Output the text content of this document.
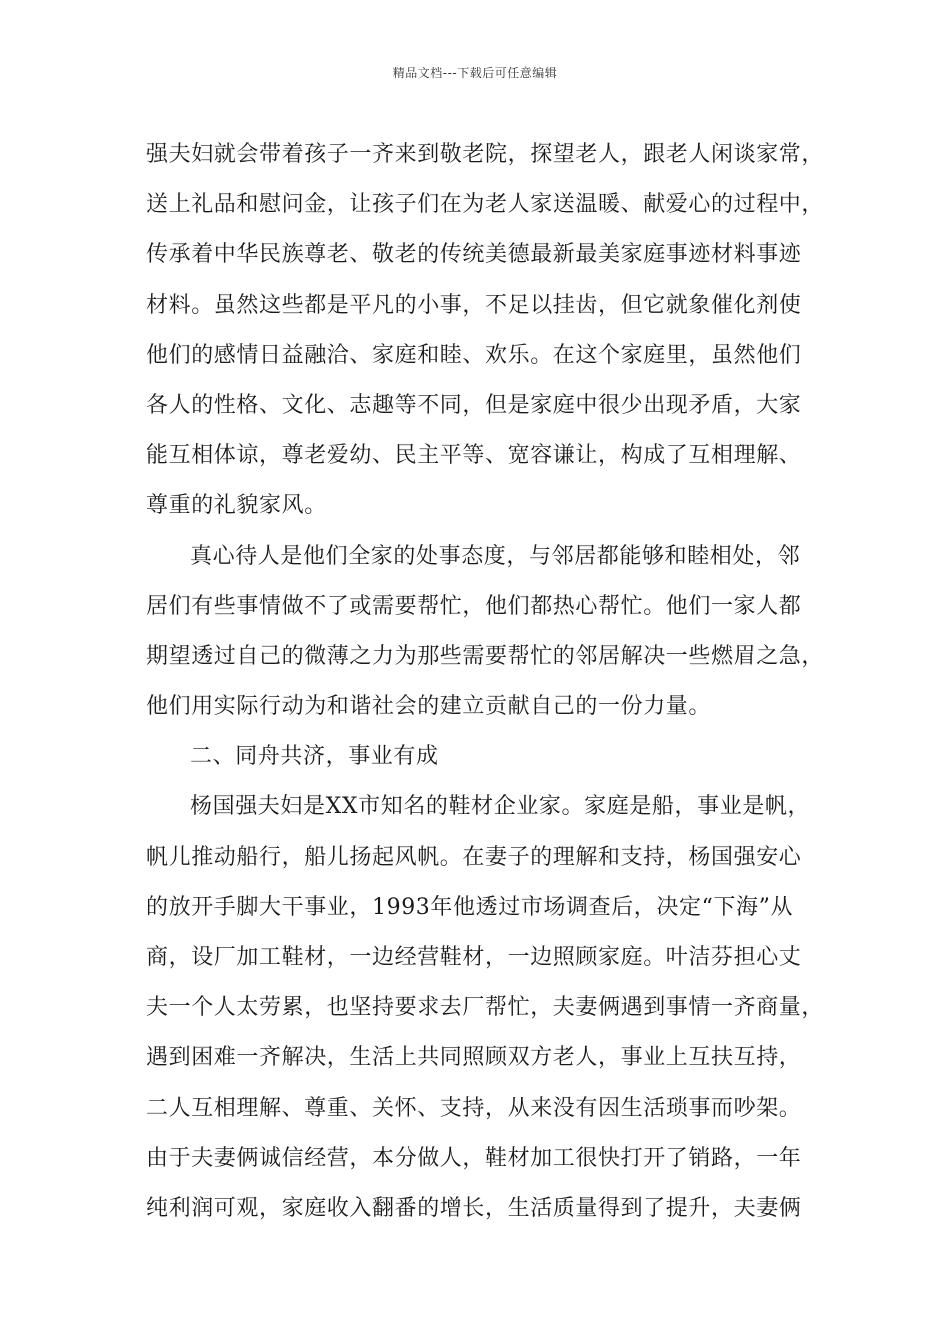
精品文档---下载后可任意编辑
强夫妇就会带着孩子一齐来到敬老院，探望老人，跟老人闲谈家常，
送上礼品和慰问金，让孩子们在为老人家送温暖、献爱心的过程中，
传承着中华民族尊老、敬老的传统美德最新最美家庭事迹材料事迹
材料。虽然这些都是平凡的小事，不足以挂齿，但它就象催化剂使
他们的感情日益融洽、家庭和睦、欢乐。在这个家庭里，虽然他们
各人的性格、文化、志趣等不同，但是家庭中很少出现矛盾，大家
能互相体谅，尊老爱幼、民主平等、宽容谦让，构成了互相理解、
尊重的礼貌家风。
真心待人是他们全家的处事态度，与邻居都能够和睦相处，邻
居们有些事情做不了或需要帮忙，他们都热心帮忙。他们一家人都
期望透过自己的微薄之力为那些需要帮忙的邻居解决一些燃眉之急，
他们用实际行动为和谐社会的建立贡献自己的一份力量。
二、同舟共济，事业有成
杨国强夫妇是XX市知名的鞋材企业家。家庭是船，事业是帆，
帆儿推动船行，船儿扬起风帆。在妻子的理解和支持，杨国强安心
的放开手脚大干事业，1993年他透过市场调查后，决定“下海”从
商，设厂加工鞋材，一边经营鞋材，一边照顾家庭。叶洁芬担心丈
夫一个人太劳累，也坚持要求去厂帮忙，夫妻俩遇到事情一齐商量，
遇到困难一齐解决，生活上共同照顾双方老人，事业上互扶互持，
二人互相理解、尊重、关怀、支持，从来没有因生活琐事而吵架。
由于夫妻俩诚信经营，本分做人，鞋材加工很快打开了销路，一年
纯利润可观，家庭收入翻番的增长，生活质量得到了提升，夫妻俩
